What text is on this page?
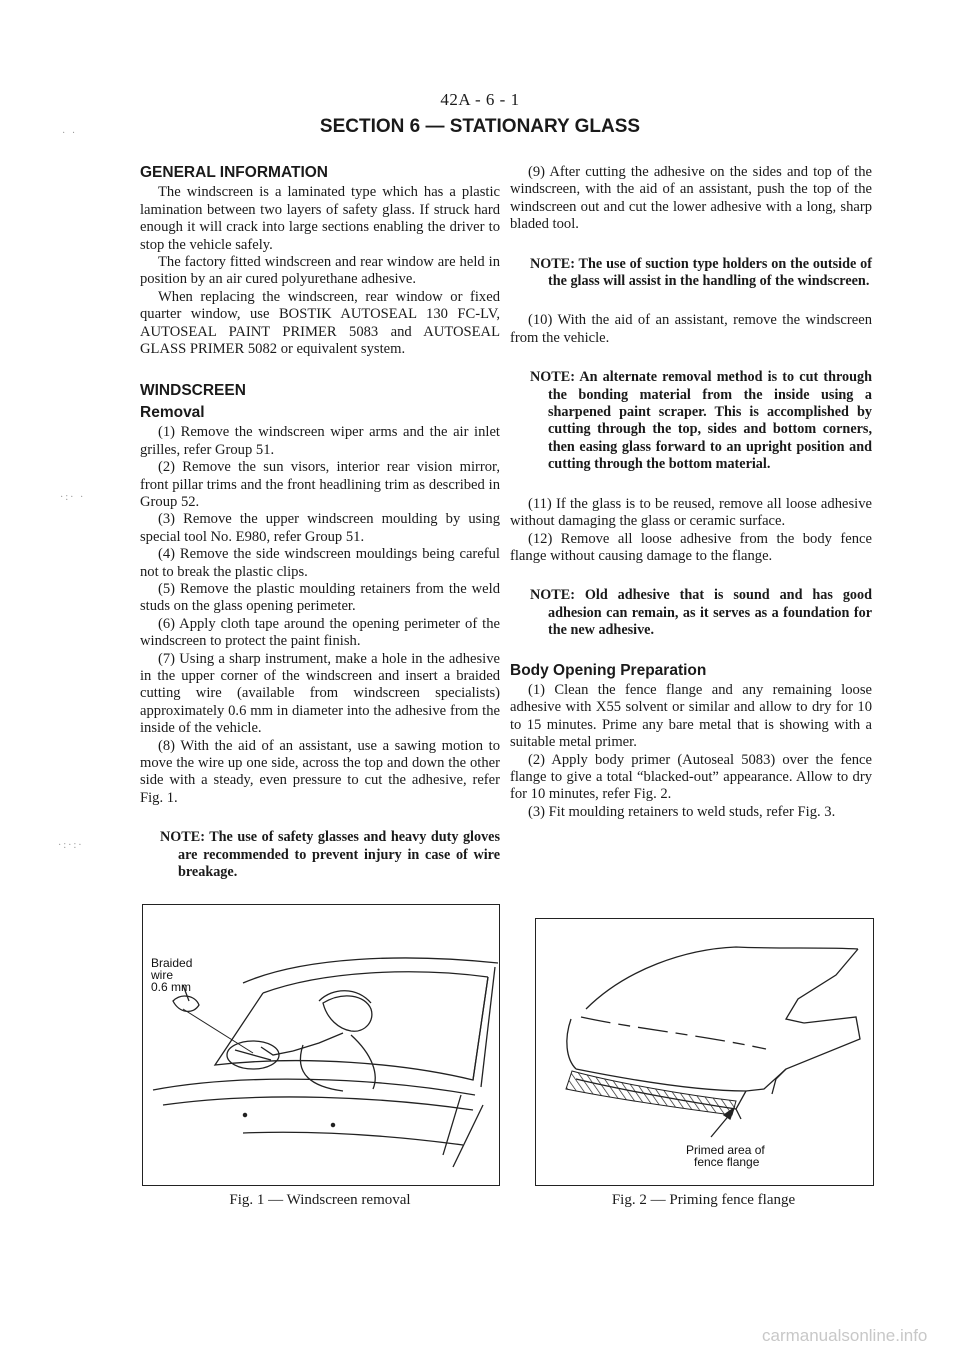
42A - 6 - 1
SECTION 6 — STATIONARY GLASS
· ·
·:· ·
·:·:·
GENERAL INFORMATION

The windscreen is a laminated type which has a plastic lamination between two layers of safety glass. If struck hard enough it will crack into large sections enabling the driver to stop the vehicle safely.

The factory fitted windscreen and rear window are held in position by an air cured polyurethane adhesive.

When replacing the windscreen, rear window or fixed quarter window, use BOSTIK AUTOSEAL 130 FC-LV, AUTOSEAL PAINT PRIMER 5083 and AUTOSEAL GLASS PRIMER 5082 or equivalent system.

WINDSCREEN
Removal

(1) Remove the windscreen wiper arms and the air inlet grilles, refer Group 51.

(2) Remove the sun visors, interior rear vision mirror, front pillar trims and the front headlining trim as described in Group 52.

(3) Remove the upper windscreen moulding by using special tool No. E980, refer Group 51.

(4) Remove the side windscreen mouldings being careful not to break the plastic clips.

(5) Remove the plastic moulding retainers from the weld studs on the glass opening perimeter.

(6) Apply cloth tape around the opening perimeter of the windscreen to protect the paint finish.

(7) Using a sharp instrument, make a hole in the adhesive in the upper corner of the windscreen and insert a braided cutting wire (available from windscreen specialists) approximately 0.6 mm in diameter into the adhesive from the inside of the vehicle.

(8) With the aid of an assistant, use a sawing motion to move the wire up one side, across the top and down the other side with a steady, even pressure to cut the adhesive, refer Fig. 1.

NOTE: The use of safety glasses and heavy duty gloves are recommended to prevent injury in case of wire breakage.

(9) After cutting the adhesive on the sides and top of the windscreen, with the aid of an assistant, push the top of the windscreen out and cut the lower adhesive with a long, sharp bladed tool.

NOTE: The use of suction type holders on the outside of the glass will assist in the handling of the windscreen.

(10) With the aid of an assistant, remove the windscreen from the vehicle.

NOTE: An alternate removal method is to cut through the bonding material from the inside using a sharpened paint scraper. This is accomplished by cutting through the top, sides and bottom corners, then easing glass forward to an upright position and cutting through the bottom material.

(11) If the glass is to be reused, remove all loose adhesive without damaging the glass or ceramic surface.

(12) Remove all loose adhesive from the body fence flange without causing damage to the flange.

NOTE: Old adhesive that is sound and has good adhesion can remain, as it serves as a foundation for the new adhesive.
Body Opening Preparation

(1) Clean the fence flange and any remaining loose adhesive with X55 solvent or similar and allow to dry for 10 to 15 minutes. Prime any bare metal that is showing with a suitable metal primer.

(2) Apply body primer (Autoseal 5083) over the fence flange to give a total “blacked-out” appearance. Allow to dry for 10 minutes, refer Fig. 2.

(3) Fit moulding retainers to weld studs, refer Fig. 3.

Braided
wire
0.6 mm
Fig. 1 — Windscreen removal
Primed area of
fence flange
Fig. 2 — Priming fence flange
carmanualsonline.info
